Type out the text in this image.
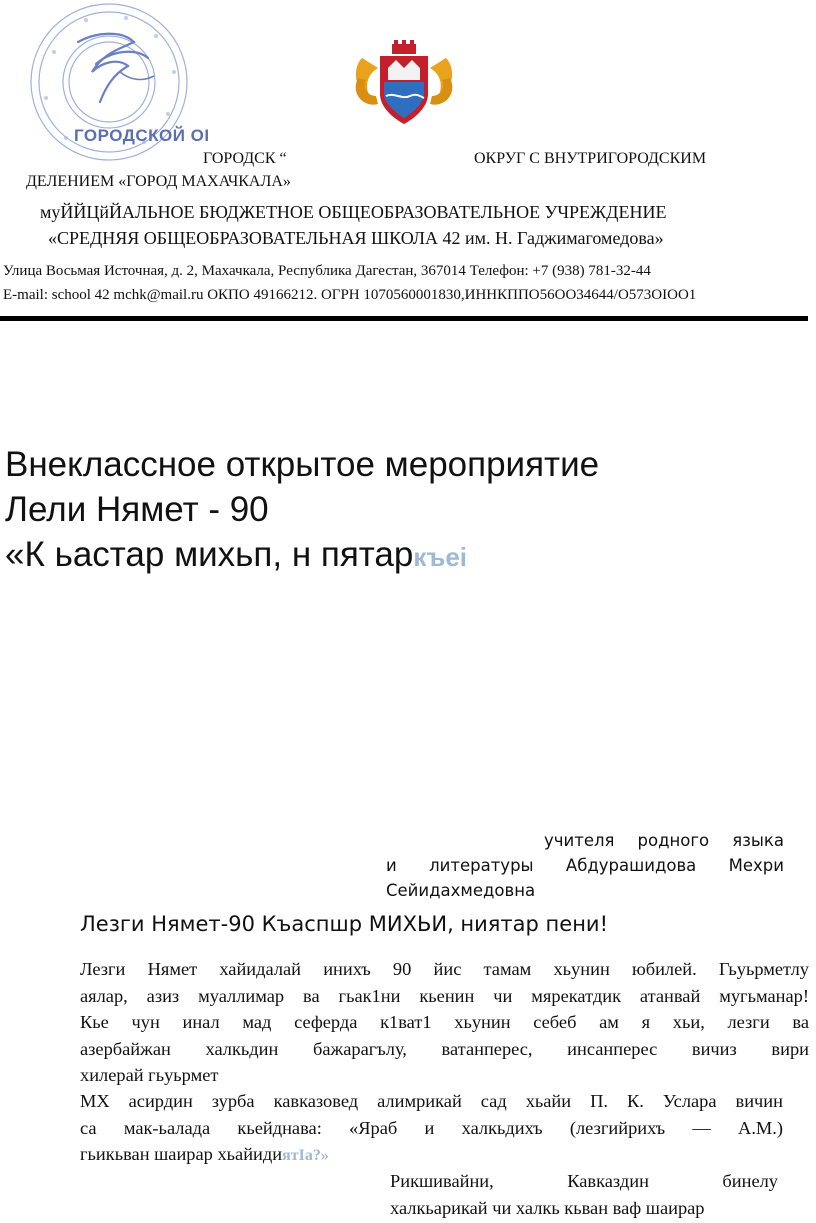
ГОРОДСКОЙ ОІ
ГОРОДСК “	ОКРУГ С ВНУТРИГОРОДСКИМ
ДЕЛЕНИЕМ «ГОРОД МАХАЧКАЛА»
муЙЙЦйЙАЛЬНОЕ БЮДЖЕТНОЕ ОБЩЕОБРАЗОВАТЕЛЬНОЕ УЧРЕЖДЕНИЕ
«СРЕДНЯЯ ОБЩЕОБРАЗОВАТЕЛЬНАЯ ШКОЛА 42 им. Н. Гаджимагомедова»
Улица Восьмая Источная, д. 2, Махачкала, Республика Дагестан, 367014 Телефон: +7 (938) 781-32-44
E-mail: school 42 mchk@mail.ru ОКПО 49166212. ОГРН 1070560001830,ИННКППО56ОО34644/О573ОІОО1
Внеклассное открытое мероприятие
Лели Нямет - 90
«К ьастар михьп, н пятаркъеі
учителя родного языка
и литературы Абдурашидова Мехри
Сейидахмедовна
Лезги Нямет-90 Къаспшр МИХЬИ, ниятар пени!
Лезги Нямет хайидалай инихъ 90 йис тамам хьунин юбилей. Гьуьрметлу
аялар, азиз муаллимар ва гьак1ни кьенин чи мярекатдик атанвай мугьманар!
Кье чун инал мад сеферда к1ват1 хьунин себеб ам я хьи, лезги ва
азербайжан халкьдин бажарагълу, ватанперес, инсанперес вичиз вири
хилерай гьуьрмет
МХ асирдин зурба кавказовед алимрикай сад хьайи П. К. Услара вичин
са мак-ьалада кьейднава: «Яраб и халкьдихъ (лезгийрихъ — А.М.)
гьикьван шаирар хьайидиятІа?»
Рикшивайни, Кавказдин бинелу
халкьарикай чи халкь кьван ваф шаирар
